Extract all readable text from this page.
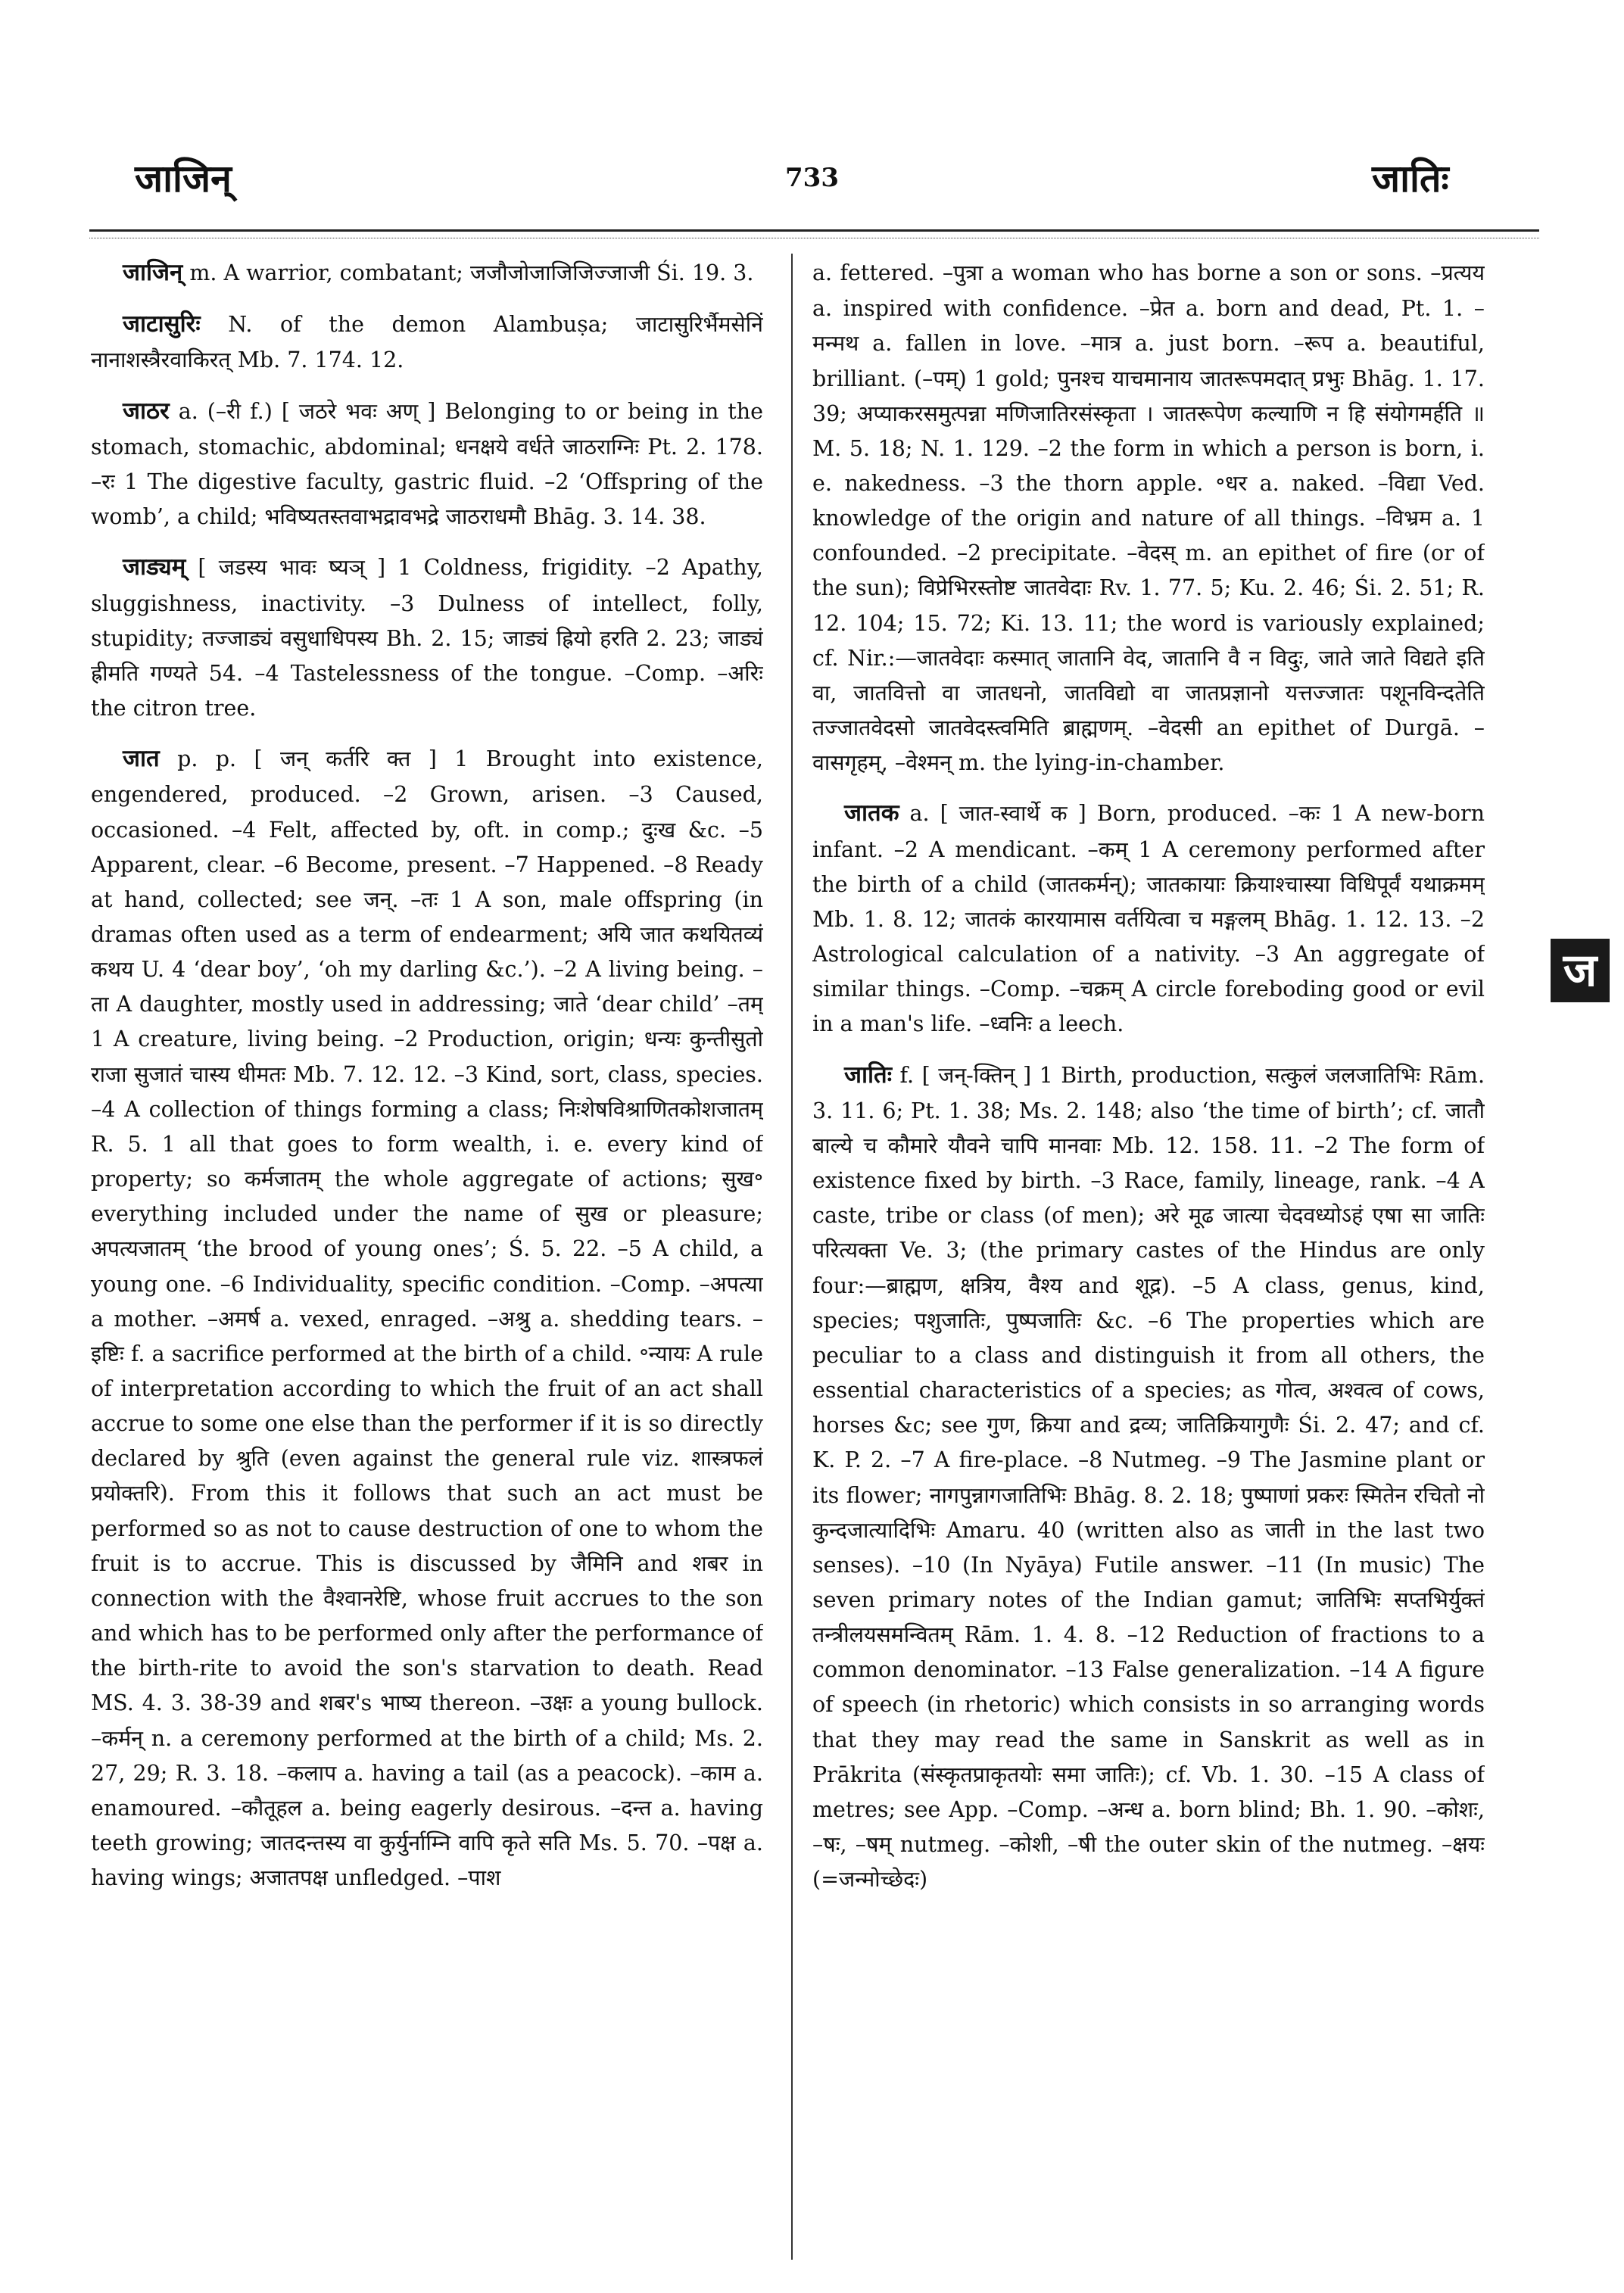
जाजिन्	733	जातिः

जाजिन् m. A warrior, combatant; जजौजोजाजिजिज्जाजी Śi. 19. 3.

जाटासुरिः N. of the demon Alambuṣa; जाटासुरिर्भैमसेनिं नानाशस्त्रैरवाकिरत् Mb. 7. 174. 12.

जाठर a. (–री f.) [ जठरे भवः अण् ] Belonging to or being in the stomach, stomachic, abdominal; धनक्षये वर्धते जाठराग्निः Pt. 2. 178. –रः 1 The digestive faculty, gastric fluid. –2 ‘Offspring of the womb’, a child; भविष्यतस्तवाभद्रावभद्रे जाठराधमौ Bhāg. 3. 14. 38.

जाड्यम् [ जडस्य भावः ष्यञ् ] 1 Coldness, frigidity. –2 Apathy, sluggishness, inactivity. –3 Dulness of intellect, folly, stupidity; तज्जाड्यं वसुधाधिपस्य Bh. 2. 15; जाड्यं ह्रियो हरति 2. 23; जाड्यं ह्रीमति गण्यते 54. –4 Tastelessness of the tongue. –Comp. –अरिः the citron tree.

जात p. p. [ जन् कर्तरि क्त ] 1 Brought into existence, engendered, produced. –2 Grown, arisen. –3 Caused, occasioned. –4 Felt, affected by, oft. in comp.; दुःख &c. –5 Apparent, clear. –6 Become, present. –7 Happened. –8 Ready at hand, collected; see जन्. –तः 1 A son, male offspring (in dramas often used as a term of endearment; अयि जात कथयितव्यं कथय U. 4 ‘dear boy’, ‘oh my darling &c.’). –2 A living being. –ता A daughter, mostly used in addressing; जाते ‘dear child’ –तम् 1 A creature, living being. –2 Production, origin; धन्यः कुन्तीसुतो राजा सुजातं चास्य धीमतः Mb. 7. 12. 12. –3 Kind, sort, class, species. –4 A collection of things forming a class; निःशेषविश्राणितकोशजातम् R. 5. 1 all that goes to form wealth, i. e. every kind of property; so कर्मजातम् the whole aggregate of actions; सुख॰ everything included under the name of सुख or pleasure; अपत्यजातम् ‘the brood of young ones’; Ś. 5. 22. –5 A child, a young one. –6 Individuality, specific condition. –Comp. –अपत्या a mother. –अमर्ष a. vexed, enraged. –अश्रु a. shedding tears. –इष्टिः f. a sacrifice performed at the birth of a child. ॰न्यायः A rule of interpretation according to which the fruit of an act shall accrue to some one else than the performer if it is so directly declared by श्रुति (even against the general rule viz. शास्त्रफलं प्रयोक्तरि). From this it follows that such an act must be performed so as not to cause destruction of one to whom the fruit is to accrue. This is discussed by जैमिनि and शबर in connection with the वैश्वानरेष्टि, whose fruit accrues to the son and which has to be performed only after the performance of the birth-rite to avoid the son's starvation to death. Read MS. 4. 3. 38-39 and शबर's भाष्य thereon. –उक्षः a young bullock. –कर्मन् n. a ceremony performed at the birth of a child; Ms. 2. 27, 29; R. 3. 18. –कलाप a. having a tail (as a peacock). –काम a. enamoured. –कौतूहल a. being eagerly desirous. –दन्त a. having teeth growing; जातदन्तस्य वा कुर्युर्नाम्नि वापि कृते सति Ms. 5. 70. –पक्ष a. having wings; अजातपक्ष unfledged. –पाश

a. fettered. –पुत्रा a woman who has borne a son or sons. –प्रत्यय a. inspired with confidence. –प्रेत a. born and dead, Pt. 1. –मन्मथ a. fallen in love. –मात्र a. just born. –रूप a. beautiful, brilliant. (–पम्) 1 gold; पुनश्च याचमानाय जातरूपमदात् प्रभुः Bhāg. 1. 17. 39; अप्याकरसमुत्पन्ना मणिजातिरसंस्कृता । जातरूपेण कल्याणि न हि संयोगमर्हति ॥ M. 5. 18; N. 1. 129. –2 the form in which a person is born, i. e. nakedness. –3 the thorn apple. ॰धर a. naked. –विद्या Ved. knowledge of the origin and nature of all things. –विभ्रम a. 1 confounded. –2 precipitate. –वेदस् m. an epithet of fire (or of the sun); विप्रेभिरस्तोष्ट जातवेदाः Rv. 1. 77. 5; Ku. 2. 46; Śi. 2. 51; R. 12. 104; 15. 72; Ki. 13. 11; the word is variously explained; cf. Nir.:—जातवेदाः कस्मात् जातानि वेद, जातानि वै न विदुः, जाते जाते विद्यते इति वा, जातवित्तो वा जातधनो, जातविद्यो वा जातप्रज्ञानो यत्तज्जातः पशूनविन्दतेति तज्जातवेदसो जातवेदस्त्वमिति ब्राह्मणम्. –वेदसी an epithet of Durgā. –वासगृहम्, –वेश्मन् m. the lying-in-chamber.

जातक a. [ जात-स्वार्थे क ] Born, produced. –कः 1 A new-born infant. –2 A mendicant. –कम् 1 A ceremony performed after the birth of a child (जातकर्मन्); जातकायाः क्रियाश्चास्या विधिपूर्वं यथाक्रमम् Mb. 1. 8. 12; जातकं कारयामास वर्तयित्वा च मङ्गलम् Bhāg. 1. 12. 13. –2 Astrological calculation of a nativity. –3 An aggregate of similar things. –Comp. –चक्रम् A circle foreboding good or evil in a man's life. –ध्वनिः a leech.

जातिः f. [ जन्-क्तिन् ] 1 Birth, production, सत्कुलं जलजातिभिः Rām. 3. 11. 6; Pt. 1. 38; Ms. 2. 148; also ‘the time of birth’; cf. जातौ बाल्ये च कौमारे यौवने चापि मानवाः Mb. 12. 158. 11. –2 The form of existence fixed by birth. –3 Race, family, lineage, rank. –4 A caste, tribe or class (of men); अरे मूढ जात्या चेदवध्योऽहं एषा सा जातिः परित्यक्ता Ve. 3; (the primary castes of the Hindus are only four:—ब्राह्मण, क्षत्रिय, वैश्य and शूद्र). –5 A class, genus, kind, species; पशुजातिः, पुष्पजातिः &c. –6 The properties which are peculiar to a class and distinguish it from all others, the essential characteristics of a species; as गोत्व, अश्वत्व of cows, horses &c; see गुण, क्रिया and द्रव्य; जातिक्रियागुणैः Śi. 2. 47; and cf. K. P. 2. –7 A fire-place. –8 Nutmeg. –9 The Jasmine plant or its flower; नागपुन्नागजातिभिः Bhāg. 8. 2. 18; पुष्पाणां प्रकरः स्मितेन रचितो नो कुन्दजात्यादिभिः Amaru. 40 (written also as जाती in the last two senses). –10 (In Nyāya) Futile answer. –11 (In music) The seven primary notes of the Indian gamut; जातिभिः सप्तभिर्युक्तं तन्त्रीलयसमन्वितम् Rām. 1. 4. 8. –12 Reduction of fractions to a common denominator. –13 False generalization. –14 A figure of speech (in rhetoric) which consists in so arranging words that they may read the same in Sanskrit as well as in Prākrita (संस्कृतप्राकृतयोः समा जातिः); cf. Vb. 1. 30. –15 A class of metres; see App. –Comp. –अन्ध a. born blind; Bh. 1. 90. –कोशः, –षः, –षम् nutmeg. –कोशी, –षी the outer skin of the nutmeg. –क्षयः (=जन्मोच्छेदः)

ज
